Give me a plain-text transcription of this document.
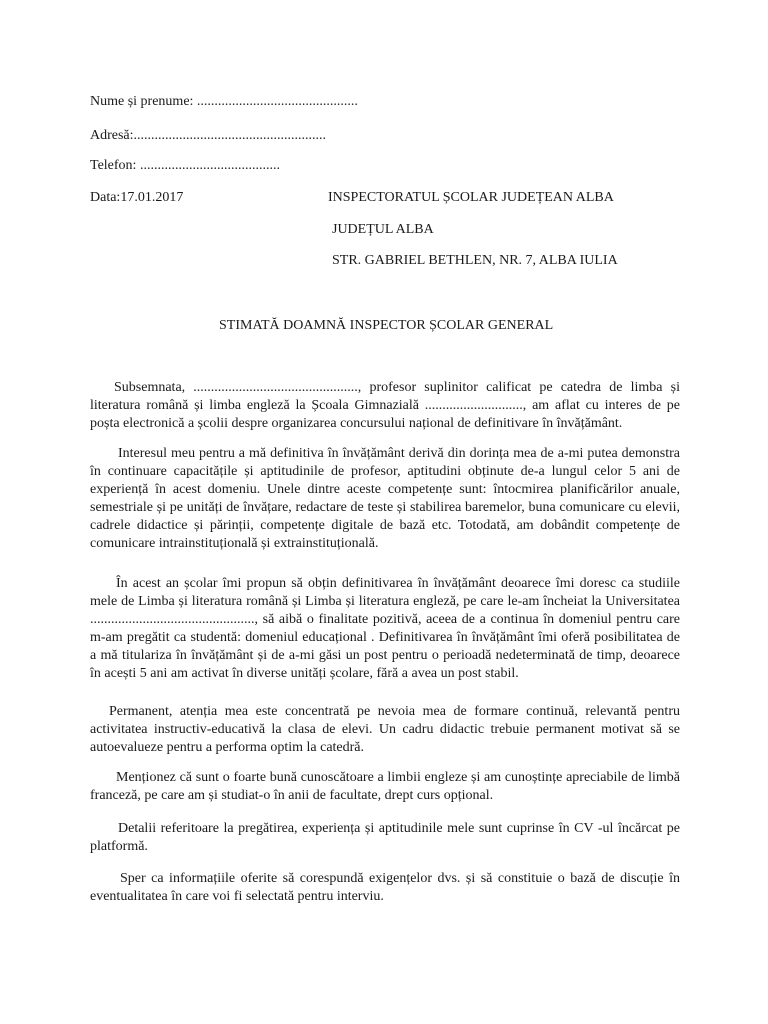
Nume și prenume: ..............................................
Adresă:.......................................................
Telefon: ........................................
Data:17.01.2017	INSPECTORATUL ȘCOLAR JUDEȚEAN ALBA
JUDEȚUL ALBA
STR. GABRIEL BETHLEN, NR. 7, ALBA IULIA
STIMATĂ DOAMNĂ INSPECTOR ȘCOLAR GENERAL
Subsemnata, ..............................................., profesor suplinitor calificat pe catedra de limba și literatura română și limba engleză la Școala Gimnazială ............................, am aflat cu interes de pe poșta electronică a școlii despre organizarea concursului național de definitivare în învățământ.
Interesul meu pentru a mă definitiva în învățământ derivă din dorința mea de a-mi putea demonstra în continuare capacitățile și aptitudinile de profesor, aptitudini obținute de-a lungul celor 5 ani de experiență în acest domeniu. Unele dintre aceste competențe sunt: întocmirea planificărilor anuale, semestriale și pe unități de învățare, redactare de teste și stabilirea baremelor, buna comunicare cu elevii, cadrele didactice și părinții, competențe digitale de bază etc. Totodată, am dobândit competențe de comunicare intrainstituțională și extrainstituțională.
În acest an școlar îmi propun să obțin definitivarea în învățământ deoarece îmi doresc ca studiile mele de Limba și literatura română și Limba și literatura engleză, pe care le-am încheiat la Universitatea ..............................................., să aibă o finalitate pozitivă, aceea de a continua în domeniul pentru care m-am pregătit ca studentă: domeniul educațional . Definitivarea în învățământ îmi oferă posibilitatea de a mă titulariza în învățământ și de a-mi găsi un post pentru o perioadă nedeterminată de timp, deoarece în acești 5 ani am activat în diverse unități școlare, fără a avea un post stabil.
Permanent, atenția mea este concentrată pe nevoia mea de formare continuă, relevantă pentru activitatea instructiv-educativă la clasa de elevi. Un cadru didactic trebuie permanent motivat să se autoevalueze pentru a performa optim la catedră.
Menționez că sunt o foarte bună cunoscătoare a limbii engleze și am cunoștințe apreciabile de limbă franceză, pe care am și studiat-o în anii de facultate, drept curs opțional.
Detalii referitoare la pregătirea, experiența și aptitudinile mele sunt cuprinse în CV -ul încărcat pe platformă.
Sper ca informațiile oferite să corespundă exigențelor dvs. și să constituie o bază de discuție în eventualitatea în care voi fi selectată pentru interviu.
